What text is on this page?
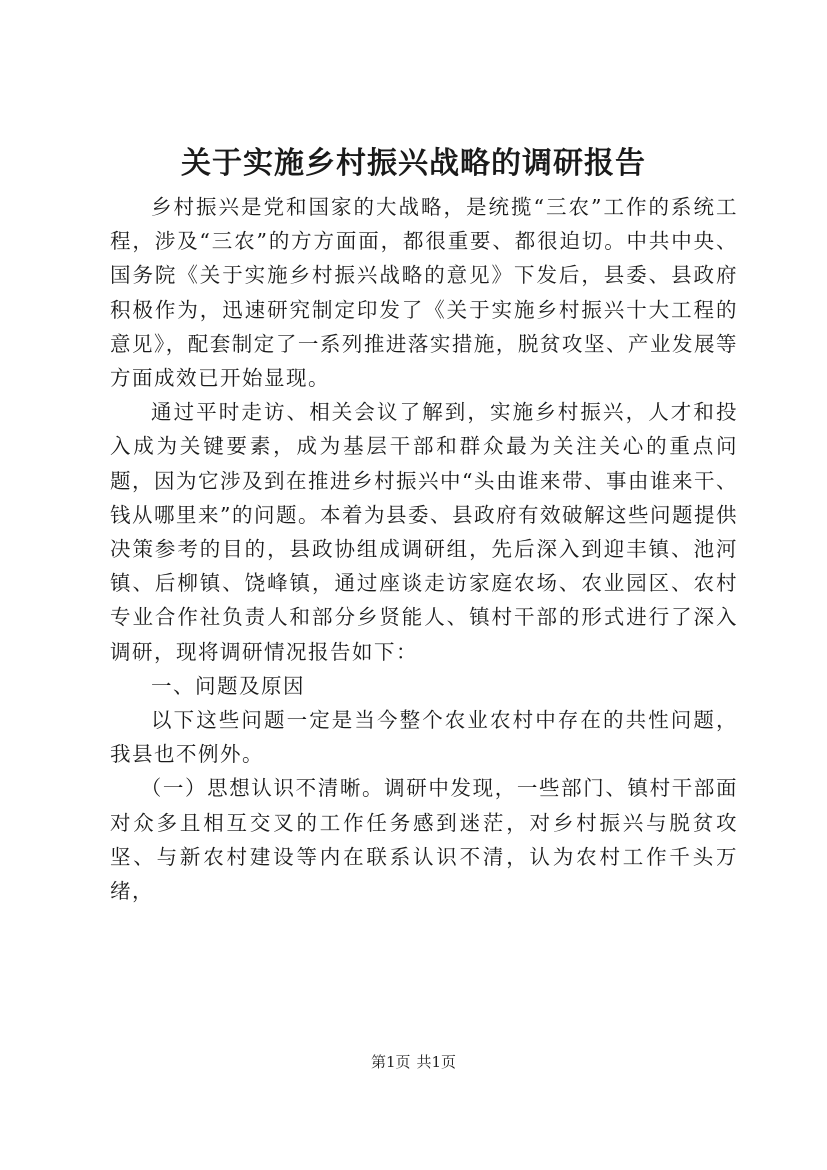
关于实施乡村振兴战略的调研报告

乡村振兴是党和国家的大战略，是统揽“三农”工作的系统工程，涉及“三农”的方方面面，都很重要、都很迫切。中共中央、国务院《关于实施乡村振兴战略的意见》下发后，县委、县政府积极作为，迅速研究制定印发了《关于实施乡村振兴十大工程的意见》，配套制定了一系列推进落实措施，脱贫攻坚、产业发展等方面成效已开始显现。

通过平时走访、相关会议了解到，实施乡村振兴，人才和投入成为关键要素，成为基层干部和群众最为关注关心的重点问题，因为它涉及到在推进乡村振兴中“头由谁来带、事由谁来干、钱从哪里来”的问题。本着为县委、县政府有效破解这些问题提供决策参考的目的，县政协组成调研组，先后深入到迎丰镇、池河镇、后柳镇、饶峰镇，通过座谈走访家庭农场、农业园区、农村专业合作社负责人和部分乡贤能人、镇村干部的形式进行了深入调研，现将调研情况报告如下：

一、问题及原因

以下这些问题一定是当今整个农业农村中存在的共性问题，我县也不例外。

（一）思想认识不清晰。调研中发现，一些部门、镇村干部面对众多且相互交叉的工作任务感到迷茫，对乡村振兴与脱贫攻坚、与新农村建设等内在联系认识不清，认为农村工作千头万绪，

第1页 共1页
